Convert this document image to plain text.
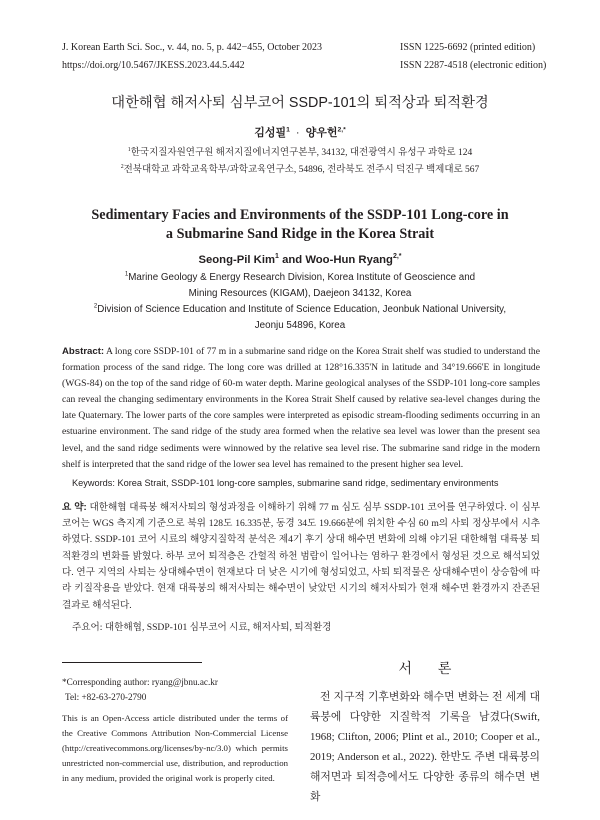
J. Korean Earth Sci. Soc., v. 44, no. 5, p. 442−455, October 2023
https://doi.org/10.5467/JKESS.2023.44.5.442
ISSN 1225-6692 (printed edition)
ISSN 2287-4518 (electronic edition)
대한해협 해저사퇴 심부코어 SSDP-101의 퇴적상과 퇴적환경
김성필$^1$ · 양우헌$^{2,*}$
$^1$한국지질자원연구원 해저지질에너지연구본부, 34132, 대전광역시 유성구 과학로 124
$^2$전북대학교 과학교육학부/과학교육연구소, 54896, 전라북도 전주시 덕진구 백제대로 567
Sedimentary Facies and Environments of the SSDP-101 Long-core in
a Submarine Sand Ridge in the Korea Strait
Seong-Pil Kim$^1$ and Woo-Hun Ryang$^{2,*}$
$^1$Marine Geology & Energy Research Division, Korea Institute of Geoscience and
Mining Resources (KIGAM), Daejeon 34132, Korea
$^2$Division of Science Education and Institute of Science Education, Jeonbuk National University,
Jeonju 54896, Korea

Abstract: A long core SSDP-101 of 77 m in a submarine sand ridge on the Korea Strait shelf was studied to understand the formation process of the sand ridge. The long core was drilled at 128°16.335'N in latitude and 34°19.666'E in longitude (WGS-84) on the top of the sand ridge of 60-m water depth. Marine geological analyses of the SSDP-101 long-core samples can reveal the changing sedimentary environments in the Korea Strait Shelf caused by relative sea-level changes during the late Quaternary. The lower parts of the core samples were interpreted as episodic stream-flooding sediments occurring in an estuarine environment. The sand ridge of the study area formed when the relative sea level was lower than the present sea level, and the sand ridge sediments were winnowed by the relative sea level rise. The submarine sand ridge in the modern shelf is interpreted that the sand ridge of the lower sea level has remained to the present higher sea level.

Keywords: Korea Strait, SSDP-101 long-core samples, submarine sand ridge, sedimentary environments

요 약: 대한해협 대륙붕 해저사퇴의 형성과정을 이해하기 위해 77 m 심도 심부 SSDP-101 코어를 연구하였다. 이 심부코어는 WGS 측지계 기준으로 북위 128도 16.335분, 동경 34도 19.666분에 위치한 수심 60 m의 사퇴 정상부에서 시추하였다. SSDP-101 코어 시료의 해양지질학적 분석은 제4기 후기 상대 해수면 변화에 의해 야기된 대한해협 대륙붕 퇴적환경의 변화를 밝혔다. 하부 코어 퇴적층은 간헐적 하천 범람이 일어나는 염하구 환경에서 형성된 것으로 해석되었다. 연구 지역의 사퇴는 상대해수면이 현재보다 더 낮은 시기에 형성되었고, 사퇴 퇴적물은 상대해수면이 상승함에 따라 키질작용을 받았다. 현재 대륙붕의 해저사퇴는 해수면이 낮았던 시기의 해저사퇴가 현재 해수면 환경까지 잔존된 결과로 해석된다.

주요어: 대한해협, SSDP-101 심부코어 시료, 해저사퇴, 퇴적환경

*Corresponding author: ryang@jbnu.ac.kr
Tel: +82-63-270-2790

This is an Open-Access article distributed under the terms of the Creative Commons Attribution Non-Commercial License (http://creativecommons.org/licenses/by-nc/3.0) which permits unrestricted non-commercial use, distribution, and reproduction in any medium, provided the original work is properly cited.

서 론

전 지구적 기후변화와 해수면 변화는 전 세계 대륙붕에 다양한 지질학적 기록을 남겼다(Swift, 1968; Clifton, 2006; Plint et al., 2010; Cooper et al., 2019; Anderson et al., 2022). 한반도 주변 대륙붕의 해저면과 퇴적층에서도 다양한 종류의 해수면 변화
